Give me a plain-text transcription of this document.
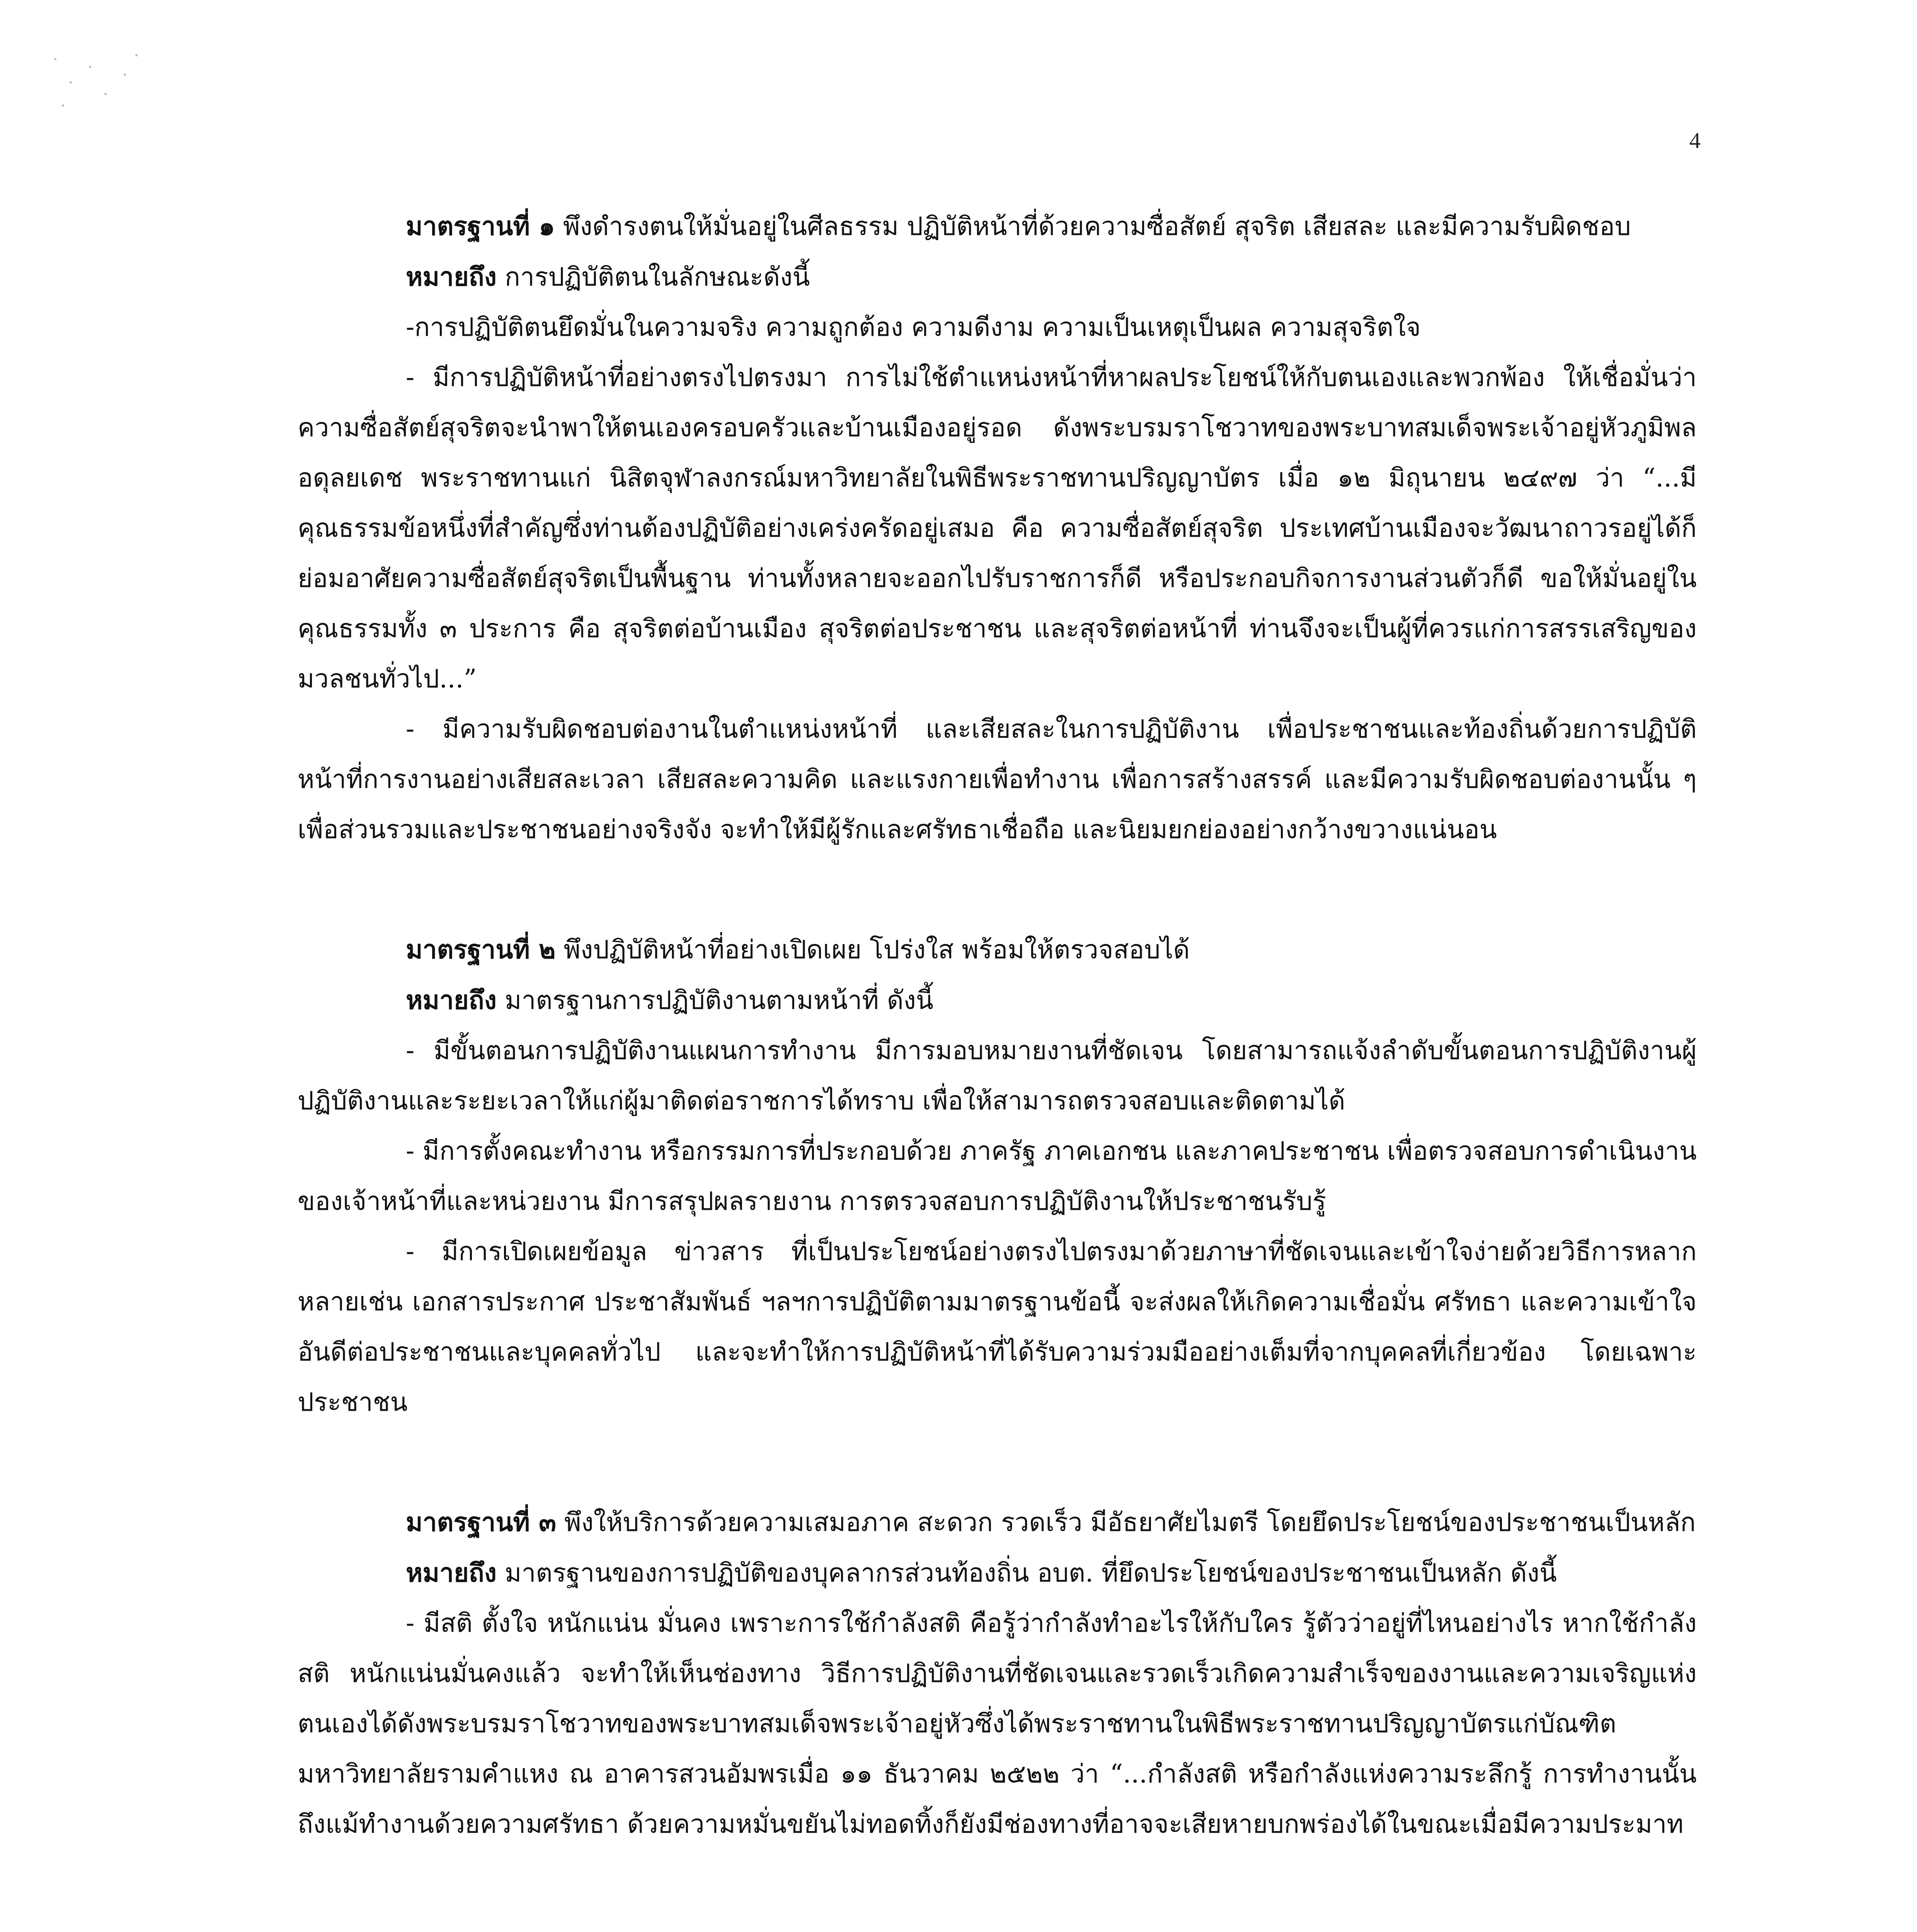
4

มาตรฐานที่ ๑ พึงดำรงตนให้มั่นอยู่ในศีลธรรม ปฏิบัติหน้าที่ด้วยความซื่อสัตย์ สุจริต เสียสละ และมีความรับผิดชอบ

หมายถึง การปฏิบัติตนในลักษณะดังนี้

-การปฏิบัติตนยึดมั่นในความจริง ความถูกต้อง ความดีงาม ความเป็นเหตุเป็นผล ความสุจริตใจ

- มีการปฏิบัติหน้าที่อย่างตรงไปตรงมา การไม่ใช้ตำแหน่งหน้าที่หาผลประโยชน์ให้กับตนเองและพวกพ้อง ให้เชื่อมั่นว่าความซื่อสัตย์สุจริตจะนำพาให้ตนเองครอบครัวและบ้านเมืองอยู่รอด ดังพระบรมราโชวาทของพระบาทสมเด็จพระเจ้าอยู่หัวภูมิพลอดุลยเดช พระราชทานแก่ นิสิตจุฬาลงกรณ์มหาวิทยาลัยในพิธีพระราชทานปริญญาบัตร เมื่อ ๑๒ มิถุนายน ๒๔๙๗ ว่า “...มีคุณธรรมข้อหนึ่งที่สำคัญซึ่งท่านต้องปฏิบัติอย่างเคร่งครัดอยู่เสมอ คือ ความซื่อสัตย์สุจริต ประเทศบ้านเมืองจะวัฒนาถาวรอยู่ได้ก็ย่อมอาศัยความซื่อสัตย์สุจริตเป็นพื้นฐาน ท่านทั้งหลายจะออกไปรับราชการก็ดี หรือประกอบกิจการงานส่วนตัวก็ดี ขอให้มั่นอยู่ในคุณธรรมทั้ง ๓ ประการ คือ สุจริตต่อบ้านเมือง สุจริตต่อประชาชน และสุจริตต่อหน้าที่ ท่านจึงจะเป็นผู้ที่ควรแก่การสรรเสริญของมวลชนทั่วไป...”

- มีความรับผิดชอบต่องานในตำแหน่งหน้าที่ และเสียสละในการปฏิบัติงาน เพื่อประชาชนและท้องถิ่นด้วยการปฏิบัติหน้าที่การงานอย่างเสียสละเวลา เสียสละความคิด และแรงกายเพื่อทำงาน เพื่อการสร้างสรรค์ และมีความรับผิดชอบต่องานนั้น ๆเพื่อส่วนรวมและประชาชนอย่างจริงจัง จะทำให้มีผู้รักและศรัทธาเชื่อถือ และนิยมยกย่องอย่างกว้างขวางแน่นอน

มาตรฐานที่ ๒ พึงปฏิบัติหน้าที่อย่างเปิดเผย โปร่งใส พร้อมให้ตรวจสอบได้

หมายถึง มาตรฐานการปฏิบัติงานตามหน้าที่ ดังนี้

- มีขั้นตอนการปฏิบัติงานแผนการทำงาน มีการมอบหมายงานที่ชัดเจน โดยสามารถแจ้งลำดับขั้นตอนการปฏิบัติงานผู้ปฏิบัติงานและระยะเวลาให้แก่ผู้มาติดต่อราชการได้ทราบ เพื่อให้สามารถตรวจสอบและติดตามได้

- มีการตั้งคณะทำงาน หรือกรรมการที่ประกอบด้วย ภาครัฐ ภาคเอกชน และภาคประชาชน เพื่อตรวจสอบการดำเนินงานของเจ้าหน้าที่และหน่วยงาน มีการสรุปผลรายงาน การตรวจสอบการปฏิบัติงานให้ประชาชนรับรู้

- มีการเปิดเผยข้อมูล ข่าวสาร ที่เป็นประโยชน์อย่างตรงไปตรงมาด้วยภาษาที่ชัดเจนและเข้าใจง่ายด้วยวิธีการหลากหลายเช่น เอกสารประกาศ ประชาสัมพันธ์ ฯลฯการปฏิบัติตามมาตรฐานข้อนี้ จะส่งผลให้เกิดความเชื่อมั่น ศรัทธา และความเข้าใจอันดีต่อประชาชนและบุคคลทั่วไป และจะทำให้การปฏิบัติหน้าที่ได้รับความร่วมมืออย่างเต็มที่จากบุคคลที่เกี่ยวข้อง โดยเฉพาะประชาชน

มาตรฐานที่ ๓ พึงให้บริการด้วยความเสมอภาค สะดวก รวดเร็ว มีอัธยาศัยไมตรี โดยยึดประโยชน์ของประชาชนเป็นหลัก

หมายถึง มาตรฐานของการปฏิบัติของบุคลากรส่วนท้องถิ่น อบต. ที่ยึดประโยชน์ของประชาชนเป็นหลัก ดังนี้

- มีสติ ตั้งใจ หนักแน่น มั่นคง เพราะการใช้กำลังสติ คือรู้ว่ากำลังทำอะไรให้กับใคร รู้ตัวว่าอยู่ที่ไหนอย่างไร หากใช้กำลังสติ หนักแน่นมั่นคงแล้ว จะทำให้เห็นช่องทาง วิธีการปฏิบัติงานที่ชัดเจนและรวดเร็วเกิดความสำเร็จของงานและความเจริญแห่งตนเองได้ดังพระบรมราโชวาทของพระบาทสมเด็จพระเจ้าอยู่หัวซึ่งได้พระราชทานในพิธีพระราชทานปริญญาบัตรแก่บัณฑิตมหาวิทยาลัยรามคำแหง ณ อาคารสวนอัมพรเมื่อ ๑๑ ธันวาคม ๒๕๒๒ ว่า “...กำลังสติ หรือกำลังแห่งความระลึกรู้ การทำงานนั้นถึงแม้ทำงานด้วยความศรัทธา ด้วยความหมั่นขยันไม่ทอดทิ้งก็ยังมีช่องทางที่อาจจะเสียหายบกพร่องได้ในขณะเมื่อมีความประมาท
